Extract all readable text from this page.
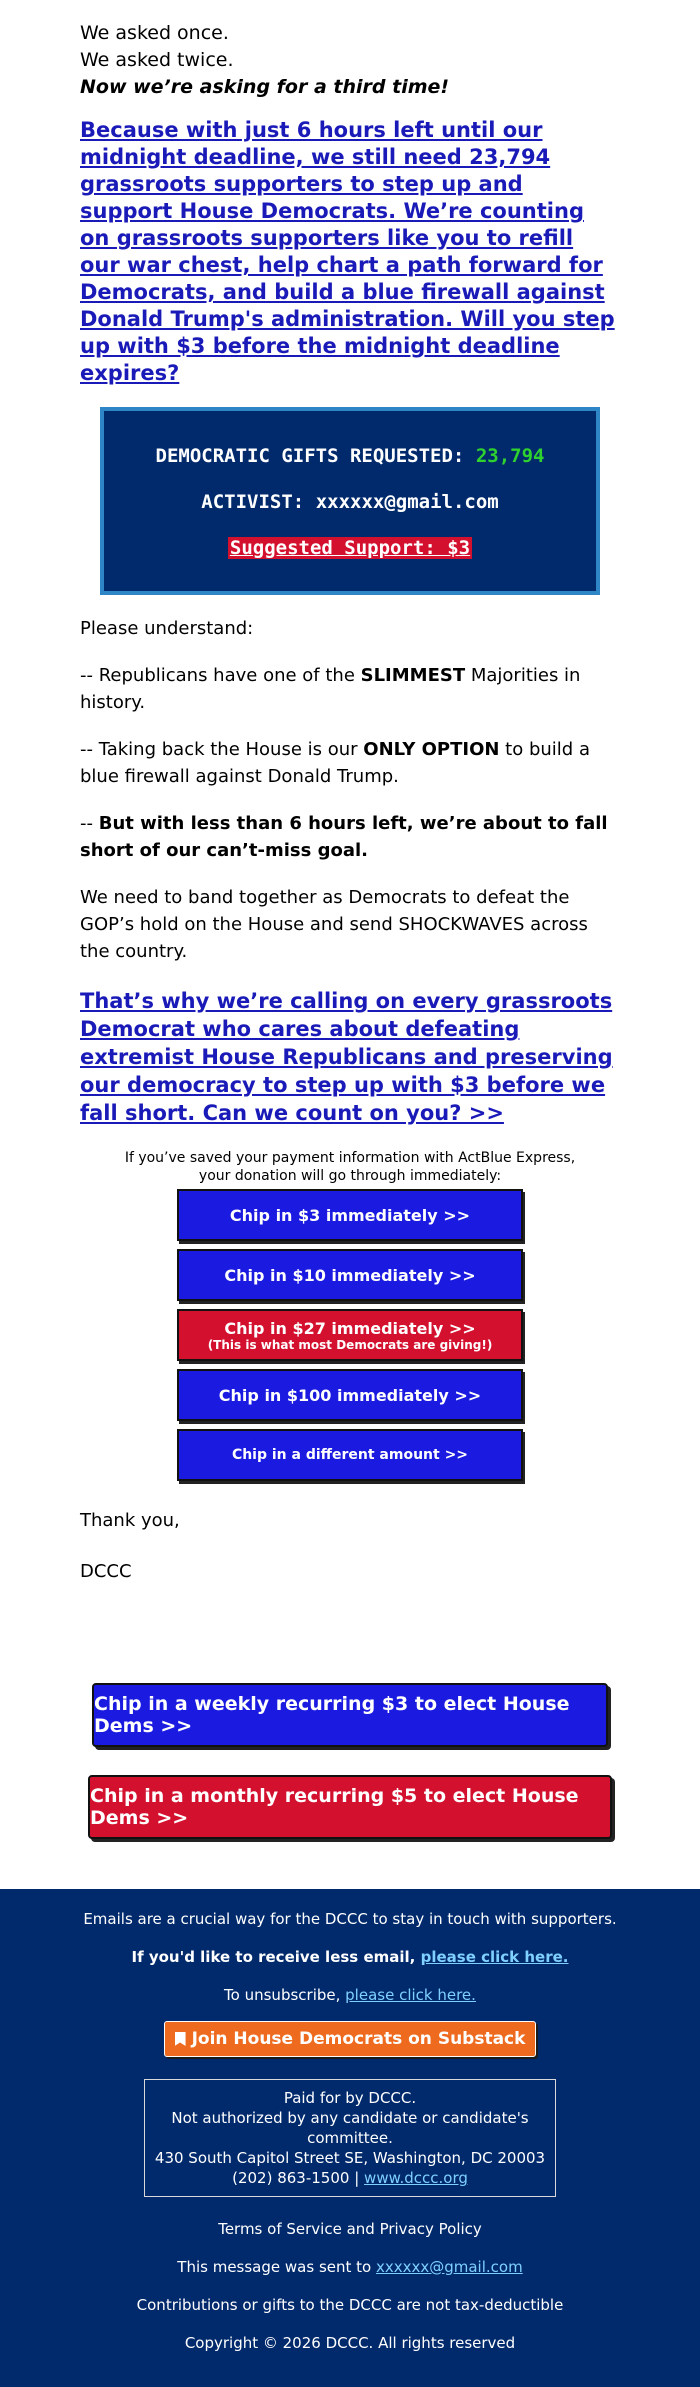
We asked once.

We asked twice.

Now we’re asking for a third time!

Because with just 6 hours left until our midnight deadline, we still need 23,794 grassroots supporters to step up and support House Democrats. We’re counting on grassroots supporters like you to refill our war chest, help chart a path forward for Democrats, and build a blue firewall against Donald Trump's administration. Will you step up with $3 before the midnight deadline expires?
DEMOCRATIC GIFTS REQUESTED: 23,794
ACTIVIST: xxxxxx@gmail.com
Suggested Support: $3

Please understand:

-- Republicans have one of the SLIMMEST Majorities in history.

-- Taking back the House is our ONLY OPTION to build a blue firewall against Donald Trump.

-- But with less than 6 hours left, we’re about to fall short of our can’t-miss goal.

We need to band together as Democrats to defeat the GOP’s hold on the House and send SHOCKWAVES across the country.

That’s why we’re calling on every grassroots Democrat who cares about defeating extremist House Republicans and preserving our democracy to step up with $3 before we fall short. Can we count on you? >>
If you’ve saved your payment information with ActBlue Express,
your donation will go through immediately:
Chip in $3 immediately >>
Chip in $10 immediately >>
Chip in $27 immediately >>
(This is what most Democrats are giving!)
Chip in $100 immediately >>
Chip in a different amount >>

Thank you,

DCCC

Chip in a weekly recurring $3 to elect House Dems >>
Chip in a monthly recurring $5 to elect House Dems >>

Emails are a crucial way for the DCCC to stay in touch with supporters.

If you'd like to receive less email, please click here.

To unsubscribe, please click here.

Join House Democrats on Substack

Paid for by DCCC.

Not authorized by any candidate or candidate's committee.

430 South Capitol Street SE, Washington, DC 20003

(202) 863-1500 | www.dccc.org

Terms of Service and Privacy Policy

This message was sent to xxxxxx@gmail.com

Contributions or gifts to the DCCC are not tax-deductible

Copyright © 2026 DCCC. All rights reserved
